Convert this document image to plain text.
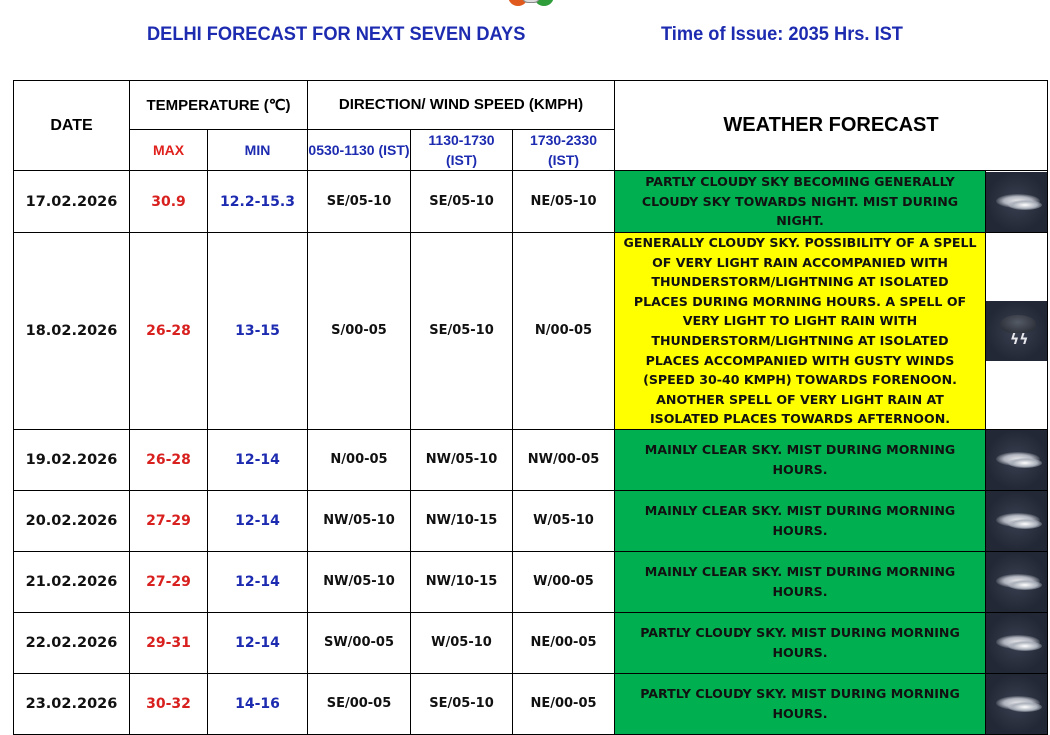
DELHI FORECAST FOR NEXT SEVEN DAYS	Time of Issue: 2035 Hrs. IST
DATE	TEMPERATURE (℃)		DIRECTION/ WIND SPEED (KMPH)			WEATHER FORECAST	
	MAX	MIN	0530-1130 (IST)	1130-1730 (IST)	1730-2330 (IST)		
17.02.2026	30.9	12.2-15.3	SE/05-10	SE/05-10	NE/05-10	PARTLY CLOUDY SKY BECOMING GENERALLY CLOUDY SKY TOWARDS NIGHT. MIST DURING NIGHT.	

18.02.2026	26-28	13-15	S/00-05	SE/05-10	N/00-05	GENERALLY CLOUDY SKY. POSSIBILITY OF A SPELL OF VERY LIGHT RAIN ACCOMPANIED WITH THUNDERSTORM/LIGHTNING AT ISOLATED PLACES DURING MORNING HOURS. A SPELL OF VERY LIGHT TO LIGHT RAIN WITH THUNDERSTORM/LIGHTNING AT ISOLATED PLACES ACCOMPANIED WITH GUSTY WINDS (SPEED 30-40 KMPH) TOWARDS FORENOON. ANOTHER SPELL OF VERY LIGHT RAIN AT ISOLATED PLACES TOWARDS AFTERNOON.	ϟϟ

19.02.2026	26-28	12-14	N/00-05	NW/05-10	NW/00-05	MAINLY CLEAR SKY. MIST DURING MORNING HOURS.	

20.02.2026	27-29	12-14	NW/05-10	NW/10-15	W/05-10	MAINLY CLEAR SKY. MIST DURING MORNING HOURS.	

21.02.2026	27-29	12-14	NW/05-10	NW/10-15	W/00-05	MAINLY CLEAR SKY. MIST DURING MORNING HOURS.	

22.02.2026	29-31	12-14	SW/00-05	W/05-10	NE/00-05	PARTLY CLOUDY SKY. MIST DURING MORNING HOURS.	

23.02.2026	30-32	14-16	SE/00-05	SE/05-10	NE/00-05	PARTLY CLOUDY SKY. MIST DURING MORNING HOURS.	
